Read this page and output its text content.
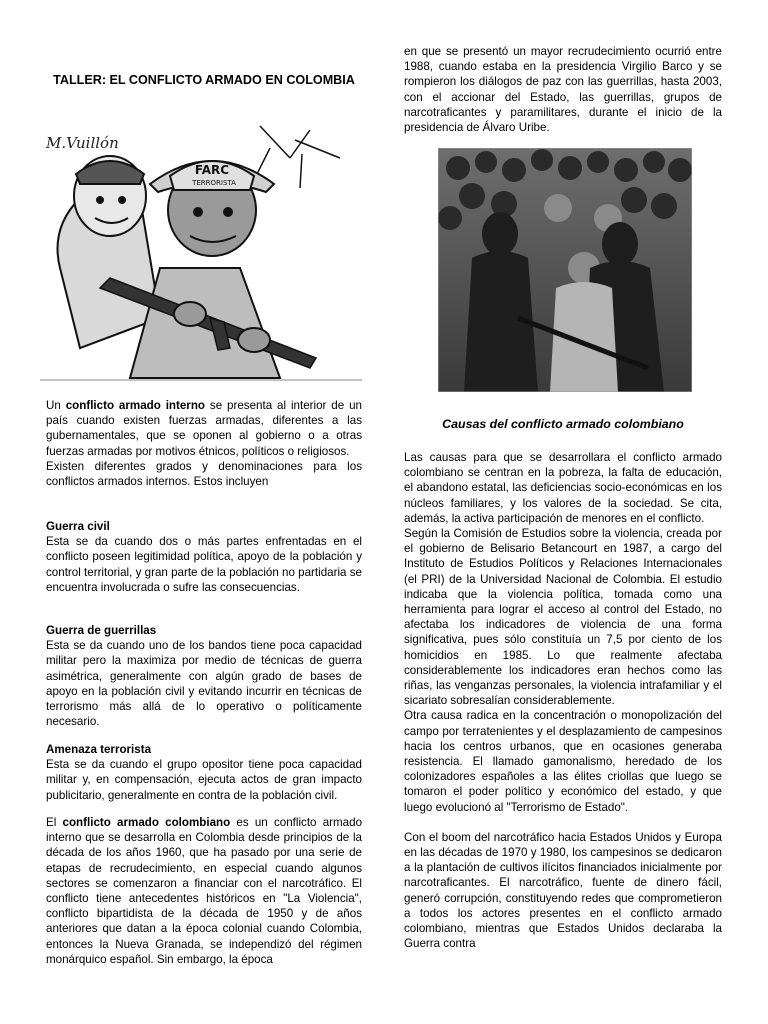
TALLER: EL CONFLICTO ARMADO EN COLOMBIA
M.Vuillón
FARC
TERRORISTA

Un conflicto armado interno se presenta al interior de un país cuando existen fuerzas armadas, diferentes a las gubernamentales, que se oponen al gobierno o a otras fuerzas armadas por motivos étnicos, políticos o religiosos.
Existen diferentes grados y denominaciones para los conflictos armados internos. Estos incluyen

Guerra civil

Esta se da cuando dos o más partes enfrentadas en el conflicto poseen legitimidad política, apoyo de la población y control territorial, y gran parte de la población no partidaria se encuentra involucrada o sufre las consecuencias.

Guerra de guerrillas

Esta se da cuando uno de los bandos tiene poca capacidad militar pero la maximiza por medio de técnicas de guerra asimétrica, generalmente con algún grado de bases de apoyo en la población civil y evitando incurrir en técnicas de terrorismo más allá de lo operativo o políticamente necesario.

Amenaza terrorista

Esta se da cuando el grupo opositor tiene poca capacidad militar y, en compensación, ejecuta actos de gran impacto publicitario, generalmente en contra de la población civil.

El conflicto armado colombiano es un conflicto armado interno que se desarrolla en Colombia desde principios de la década de los años 1960, que ha pasado por una serie de etapas de recrudecimiento, en especial cuando algunos sectores se comenzaron a financiar con el narcotráfico. El conflicto tiene antecedentes históricos en "La Violencia", conflicto bipartidista de la década de 1950 y de años anteriores que datan a la época colonial cuando Colombia, entonces la Nueva Granada, se independizó del régimen monárquico español. Sin embargo, la época

en que se presentó un mayor recrudecimiento ocurrió entre 1988, cuando estaba en la presidencia Virgilio Barco y se rompieron los diálogos de paz con las guerrillas, hasta 2003, con el accionar del Estado, las guerrillas, grupos de narcotraficantes y paramilitares, durante el inicio de la presidencia de Álvaro Uribe.

Causas del conflicto armado colombiano

Las causas para que se desarrollara el conflicto armado colombiano se centran en la pobreza, la falta de educación, el abandono estatal, las deficiencias socio-económicas en los núcleos familiares, y los valores de la sociedad. Se cita, además, la activa participación de menores en el conflicto.

Según la Comisión de Estudios sobre la violencia, creada por el gobierno de Belisario Betancourt en 1987, a cargo del Instituto de Estudios Políticos y Relaciones Internacionales (el PRI) de la Universidad Nacional de Colombia. El estudio indicaba que la violencia política, tomada como una herramienta para lograr el acceso al control del Estado, no afectaba los indicadores de violencia de una forma significativa, pues sólo constituía un 7,5 por ciento de los homicidios en 1985. Lo que realmente afectaba considerablemente los indicadores eran hechos como las riñas, las venganzas personales, la violencia intrafamiliar y el sicariato sobresalían considerablemente.

Otra causa radica en la concentración o monopolización del campo por terratenientes y el desplazamiento de campesinos hacia los centros urbanos, que en ocasiones generaba resistencia. El llamado gamonalismo, heredado de los colonizadores españoles a las élites criollas que luego se tomaron el poder político y económico del estado, y que luego evolucionó al "Terrorismo de Estado".

Con el boom del narcotráfico hacia Estados Unidos y Europa en las décadas de 1970 y 1980, los campesinos se dedicaron a la plantación de cultivos ilícitos financiados inicialmente por narcotraficantes. El narcotráfico, fuente de dinero fácil, generó corrupción, constituyendo redes que comprometieron a todos los actores presentes en el conflicto armado colombiano, mientras que Estados Unidos declaraba la Guerra contra
